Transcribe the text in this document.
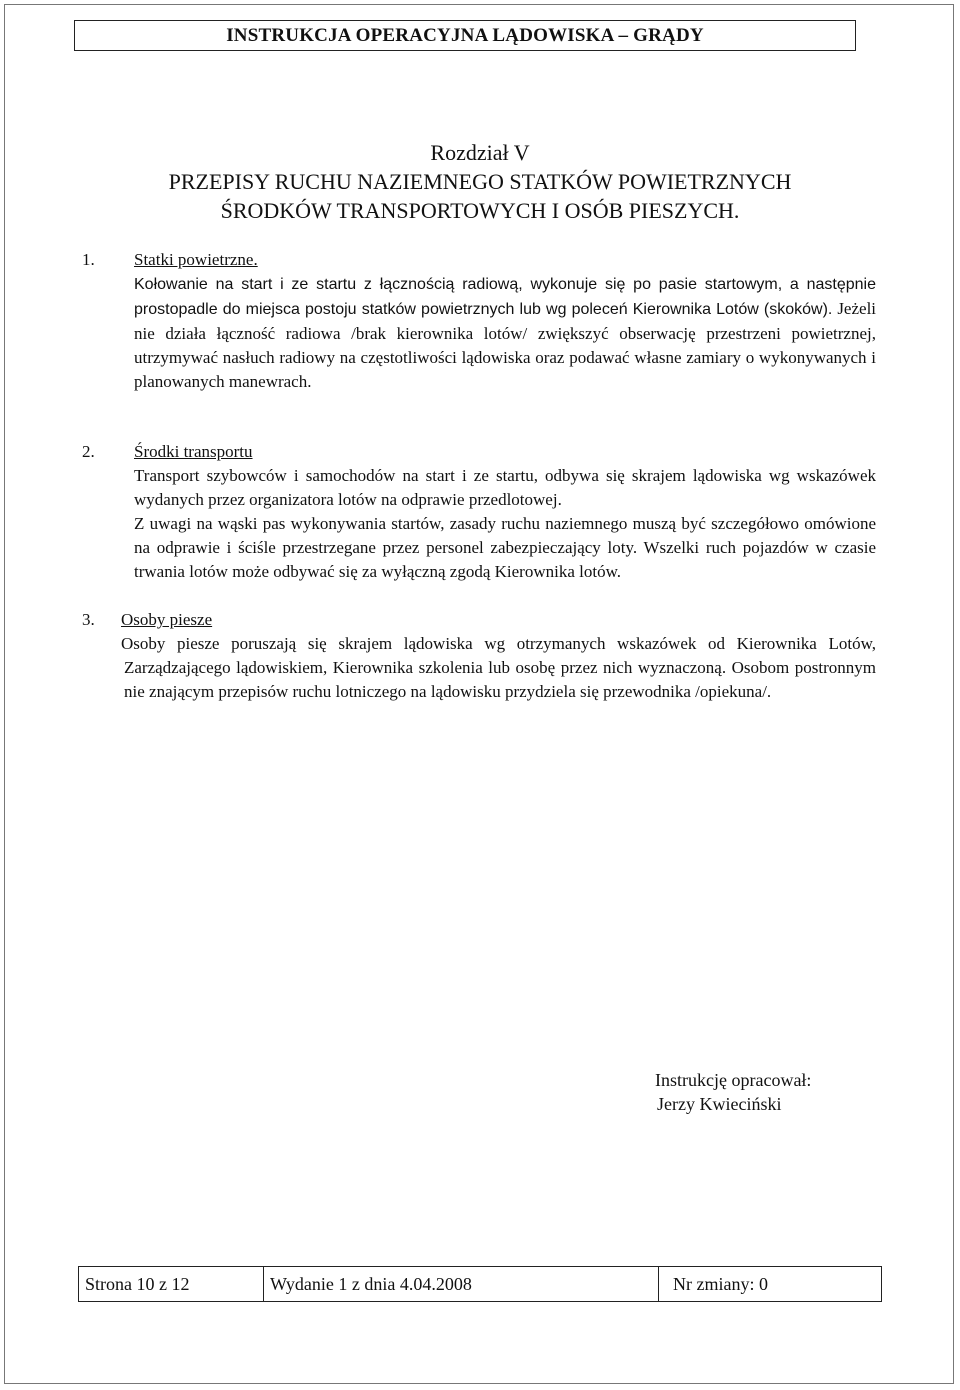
INSTRUKCJA OPERACYJNA LĄDOWISKA – GRĄDY
Rozdział V
PRZEPISY RUCHU NAZIEMNEGO STATKÓW POWIETRZNYCH
ŚRODKÓW TRANSPORTOWYCH I OSÓB PIESZYCH.
1. Statki powietrzne.
Kołowanie na start i ze startu z łącznością radiową, wykonuje się po pasie startowym, a następnie prostopadle do miejsca postoju statków powietrznych lub wg poleceń Kierownika Lotów (skoków). Jeżeli nie działa łączność radiowa /brak kierownika lotów/ zwiększyć obserwację przestrzeni powietrznej, utrzymywać nasłuch radiowy na częstotliwości lądowiska oraz podawać własne zamiary o wykonywanych i planowanych manewrach.
2. Środki transportu
Transport szybowców i samochodów na start i ze startu, odbywa się skrajem lądowiska wg wskazówek wydanych przez organizatora lotów na odprawie przedlotowej.
Z uwagi na wąski pas wykonywania startów, zasady ruchu naziemnego muszą być szczegółowo omówione na odprawie i ściśle przestrzegane przez personel zabezpieczający loty. Wszelki ruch pojazdów w czasie trwania lotów może odbywać się za wyłączną zgodą Kierownika lotów.
3. Osoby piesze
Osoby piesze poruszają się skrajem lądowiska wg otrzymanych wskazówek od Kierownika Lotów, Zarządzającego lądowiskiem, Kierownika szkolenia lub osobę przez nich wyznaczoną. Osobom postronnym nie znającym przepisów ruchu lotniczego na lądowisku przydziela się przewodnika /opiekuna/.
Instrukcję opracował:
Jerzy Kwieciński
Strona 10 z 12	Wydanie 1 z dnia 4.04.2008	Nr zmiany: 0
